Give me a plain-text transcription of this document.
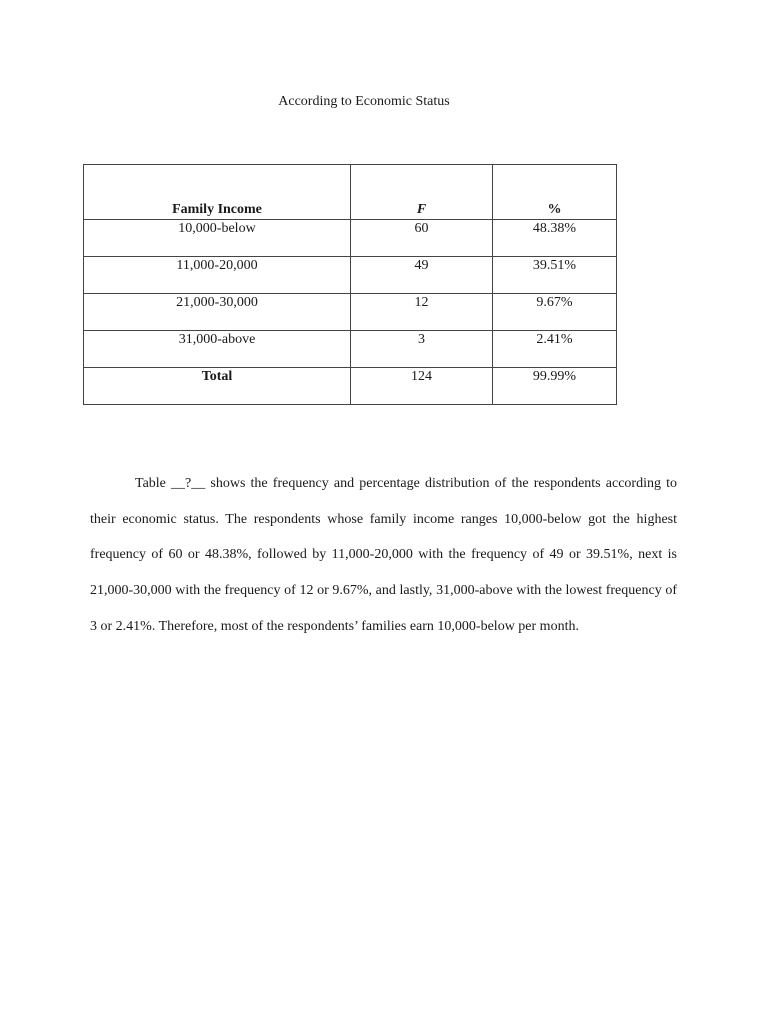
According to Economic Status
Family Income	F	%
10,000-below	60	48.38%
11,000-20,000	49	39.51%
21,000-30,000	12	9.67%
31,000-above	3	2.41%
Total	124	99.99%

Table __?__ shows the frequency and percentage distribution of the respondents according to their economic status. The respondents whose family income ranges 10,000-below got the highest frequency of 60 or 48.38%, followed by 11,000-20,000 with the frequency of 49 or 39.51%, next is 21,000-30,000 with the frequency of 12 or 9.67%, and lastly, 31,000-above with the lowest frequency of 3 or 2.41%. Therefore, most of the respondents’ families earn 10,000-below per month.
